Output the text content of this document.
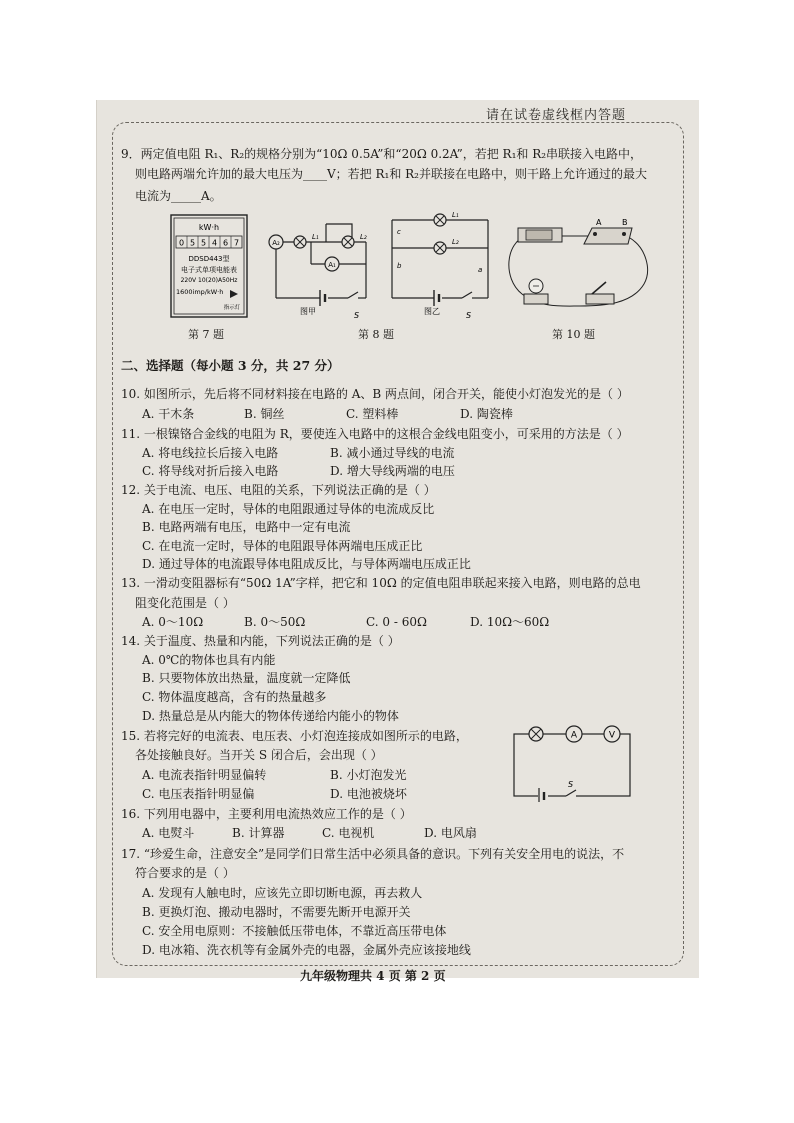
请在试卷虚线框内答题
9．两定值电阻 R₁、R₂的规格分别为“10Ω 0.5A”和“20Ω 0.2A”，若把 R₁和 R₂串联接入电路中，
则电路两端允许加的最大电压为____V；若把 R₁和 R₂并联接在电路中，则干路上允许通过的最大
电流为_____A。
kW·h
0 5 5 4 6 7
DDSD443型
电子式单项电能表
220V 10(20)A50Hz
1600imp/kW·h
指示灯
第 7 题
A₂
L₁	L₂
A₁
S
图甲
L₁
L₂
c
b	a
S
图乙
第 8 题
A	B
第 10 题
二、选择题（每小题 3 分，共 27 分）
10. 如图所示，先后将不同材料接在电路的 A、B 两点间，闭合开关，能使小灯泡发光的是（ ）
A. 干木条	B. 铜丝	C. 塑料棒	D. 陶瓷棒
11. 一根镍铬合金线的电阻为 R，要使连入电路中的这根合金线电阻变小，可采用的方法是（ ）
A. 将电线拉长后接入电路	B. 减小通过导线的电流
C. 将导线对折后接入电路	D. 增大导线两端的电压
12. 关于电流、电压、电阻的关系，下列说法正确的是（ ）
A. 在电压一定时，导体的电阻跟通过导体的电流成反比
B. 电路两端有电压，电路中一定有电流
C. 在电流一定时，导体的电阻跟导体两端电压成正比
D. 通过导体的电流跟导体电阻成反比，与导体两端电压成正比
13. 一滑动变阻器标有“50Ω 1A”字样，把它和 10Ω 的定值电阻串联起来接入电路，则电路的总电
阻变化范围是（ ）
A. 0～10Ω	B. 0～50Ω	C. 0 - 60Ω	D. 10Ω～60Ω
14. 关于温度、热量和内能，下列说法正确的是（ ）
A. 0℃的物体也具有内能
B. 只要物体放出热量，温度就一定降低
C. 物体温度越高，含有的热量越多
D. 热量总是从内能大的物体传递给内能小的物体
15. 若将完好的电流表、电压表、小灯泡连接成如图所示的电路，
各处接触良好。当开关 S 闭合后，会出现（ ）
A. 电流表指针明显偏转	B. 小灯泡发光
C. 电压表指针明显偏	D. 电池被烧坏
S
A	V
16. 下列用电器中，主要利用电流热效应工作的是（ ）
A. 电熨斗	B. 计算器	C. 电视机	D. 电风扇
17. “珍爱生命，注意安全”是同学们日常生活中必须具备的意识。下列有关安全用电的说法，不
符合要求的是（ ）
A. 发现有人触电时，应该先立即切断电源，再去救人
B. 更换灯泡、搬动电器时，不需要先断开电源开关
C. 安全用电原则：不接触低压带电体，不靠近高压带电体
D. 电冰箱、洗衣机等有金属外壳的电器，金属外壳应该接地线
九年级物理共 4 页 第 2 页
